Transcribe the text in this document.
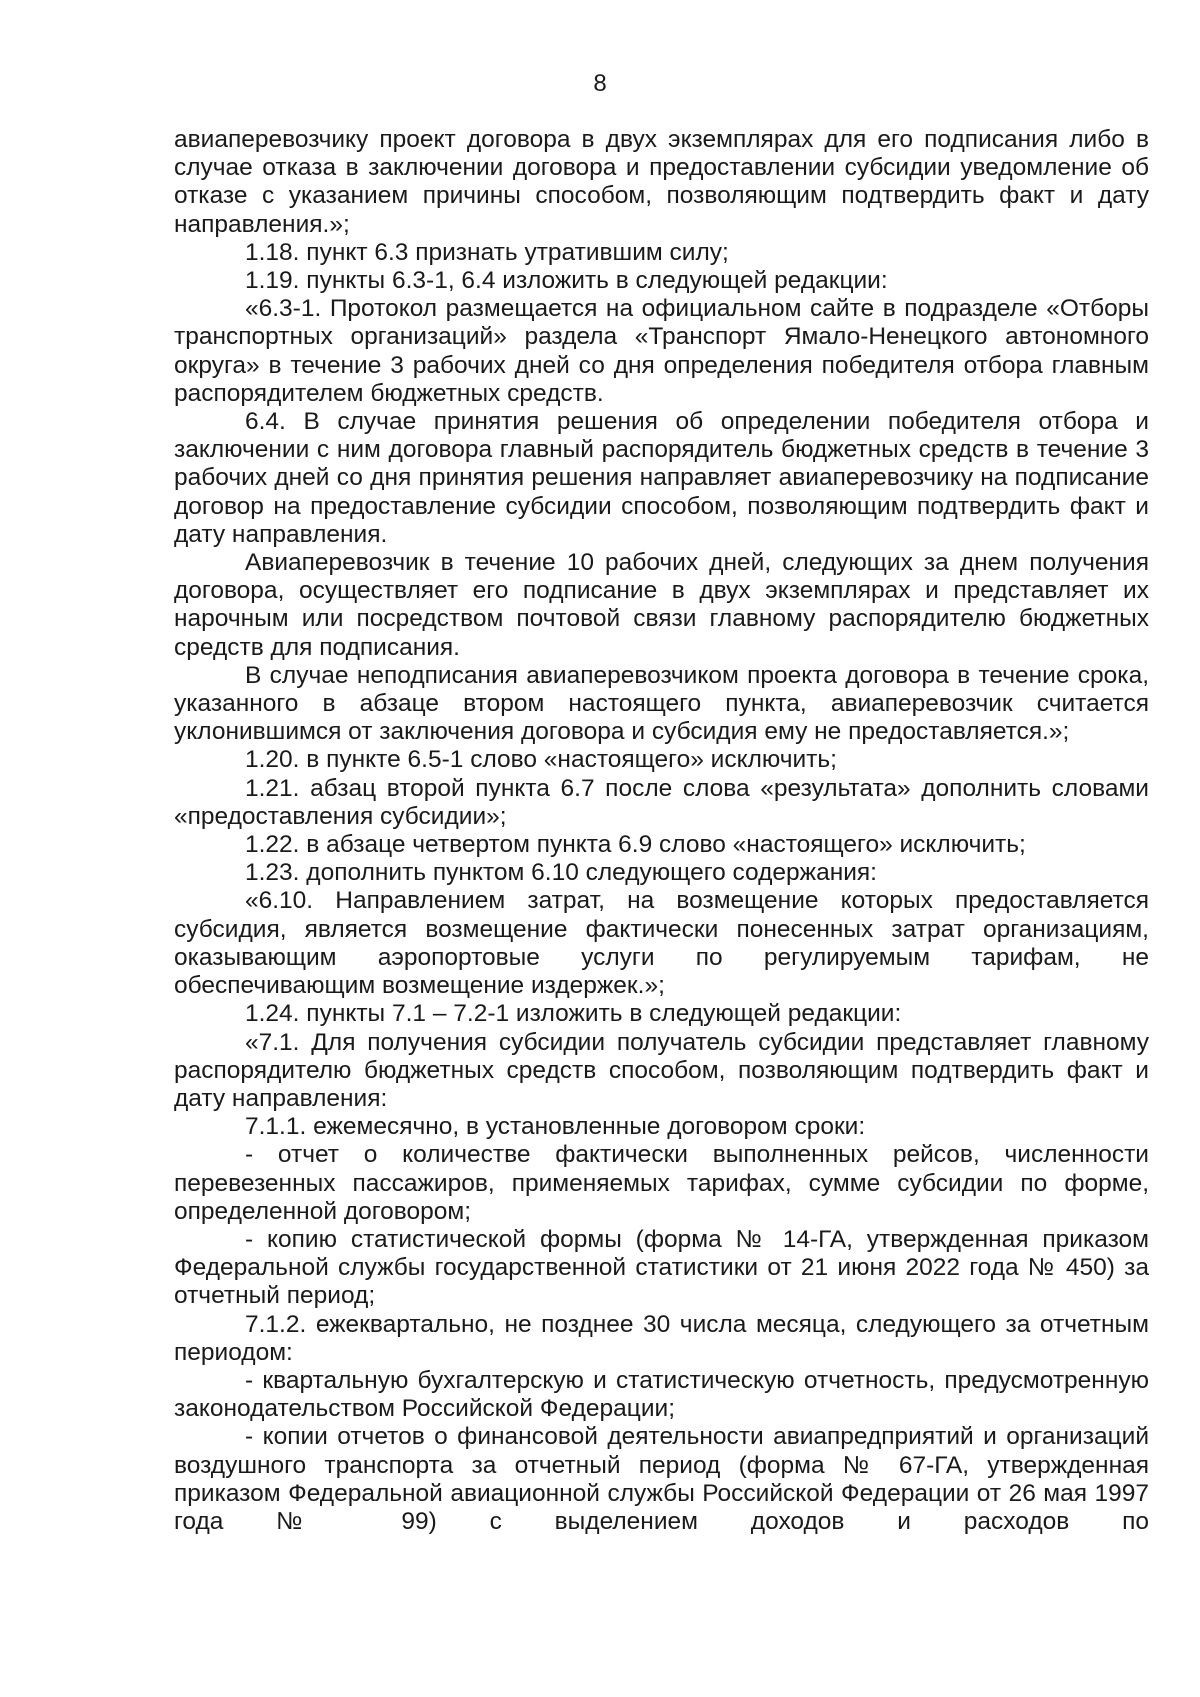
8

авиаперевозчику проект договора в двух экземплярах для его подписания либо в случае отказа в заключении договора и предоставлении субсидии уведомление об отказе с указанием причины способом, позволяющим подтвердить факт и дату направления.»;

1.18. пункт 6.3 признать утратившим силу;

1.19. пункты 6.3-1, 6.4 изложить в следующей редакции:

«6.3-1. Протокол размещается на официальном сайте в подразделе «Отборы транспортных организаций» раздела «Транспорт Ямало-Ненецкого автономного округа» в течение 3 рабочих дней со дня определения победителя отбора главным распорядителем бюджетных средств.

6.4. В случае принятия решения об определении победителя отбора и заключении с ним договора главный распорядитель бюджетных средств в течение 3 рабочих дней со дня принятия решения направляет авиаперевозчику на подписание договор на предоставление субсидии способом, позволяющим подтвердить факт и дату направления.

Авиаперевозчик в течение 10 рабочих дней, следующих за днем получения договора, осуществляет его подписание в двух экземплярах и представляет их нарочным или посредством почтовой связи главному распорядителю бюджетных средств для подписания.

В случае неподписания авиаперевозчиком проекта договора в течение срока, указанного в абзаце втором настоящего пункта, авиаперевозчик считается уклонившимся от заключения договора и субсидия ему не предоставляется.»;

1.20. в пункте 6.5-1 слово «настоящего» исключить;

1.21. абзац второй пункта 6.7 после слова «результата» дополнить словами «предоставления субсидии»;

1.22. в абзаце четвертом пункта 6.9 слово «настоящего» исключить;

1.23. дополнить пунктом 6.10 следующего содержания:

«6.10. Направлением затрат, на возмещение которых предоставляется субсидия, является возмещение фактически понесенных затрат организациям, оказывающим аэропортовые услуги по регулируемым тарифам, не обеспечивающим возмещение издержек.»;

1.24. пункты 7.1 – 7.2-1 изложить в следующей редакции:

«7.1. Для получения субсидии получатель субсидии представляет главному распорядителю бюджетных средств способом, позволяющим подтвердить факт и дату направления:

7.1.1. ежемесячно, в установленные договором сроки:

- отчет о количестве фактически выполненных рейсов, численности перевезенных пассажиров, применяемых тарифах, сумме субсидии по форме, определенной договором;

- копию статистической формы (форма № 14-ГА, утвержденная приказом Федеральной службы государственной статистики от 21 июня 2022 года № 450) за отчетный период;

7.1.2. ежеквартально, не позднее 30 числа месяца, следующего за отчетным периодом:

- квартальную бухгалтерскую и статистическую отчетность, предусмотренную законодательством Российской Федерации;

- копии отчетов о финансовой деятельности авиапредприятий и организаций воздушного транспорта за отчетный период (форма № 67-ГА, утвержденная приказом Федеральной авиационной службы Российской Федерации от 26 мая 1997 года № 99) с выделением доходов и расходов по
